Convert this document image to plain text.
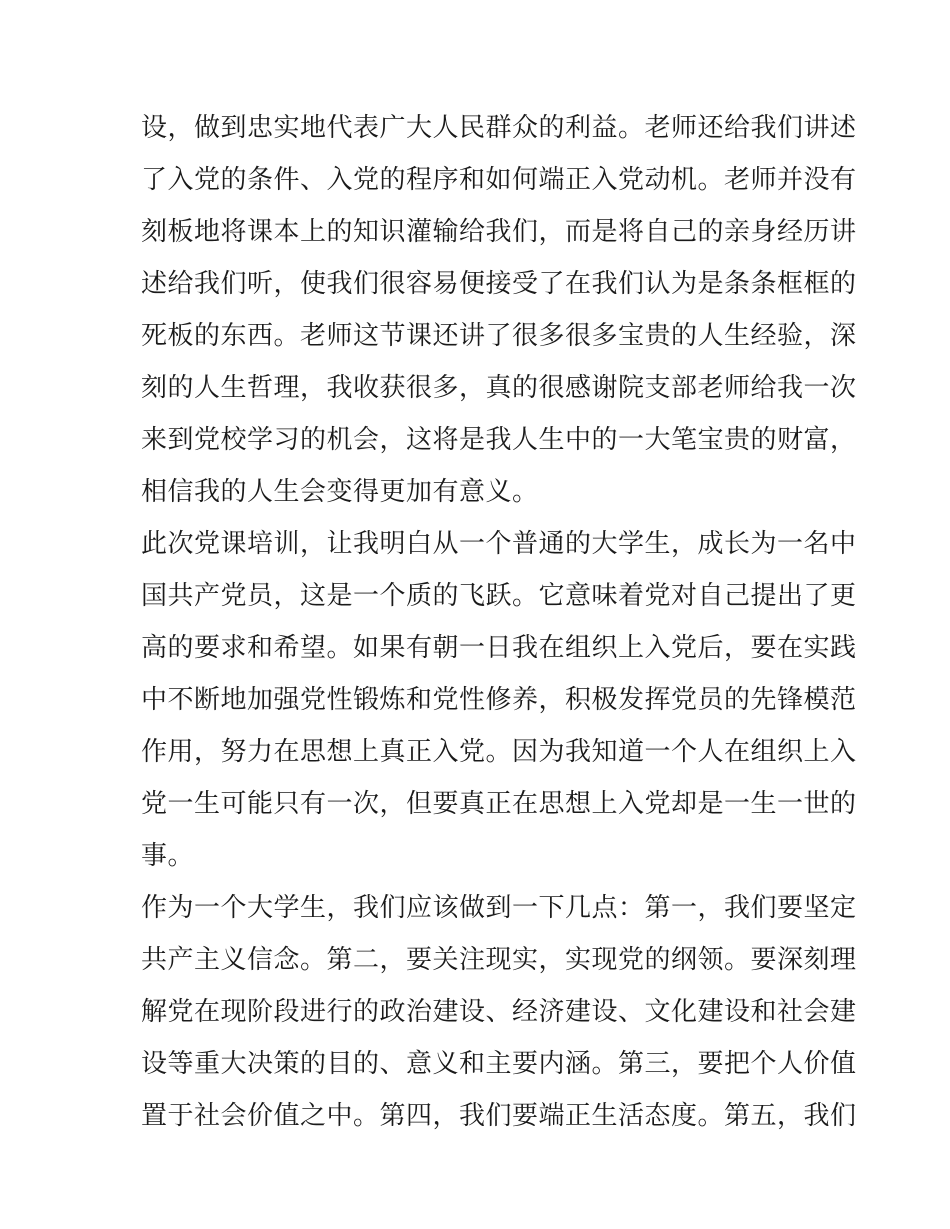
设，做到忠实地代表广大人民群众的利益。老师还给我们讲述
了入党的条件、入党的程序和如何端正入党动机。老师并没有
刻板地将课本上的知识灌输给我们，而是将自己的亲身经历讲
述给我们听，使我们很容易便接受了在我们认为是条条框框的
死板的东西。老师这节课还讲了很多很多宝贵的人生经验，深
刻的人生哲理，我收获很多，真的很感谢院支部老师给我一次
来到党校学习的机会，这将是我人生中的一大笔宝贵的财富，
相信我的人生会变得更加有意义。
此次党课培训，让我明白从一个普通的大学生，成长为一名中
国共产党员，这是一个质的飞跃。它意味着党对自己提出了更
高的要求和希望。如果有朝一日我在组织上入党后，要在实践
中不断地加强党性锻炼和党性修养，积极发挥党员的先锋模范
作用，努力在思想上真正入党。因为我知道一个人在组织上入
党一生可能只有一次，但要真正在思想上入党却是一生一世的
事。
作为一个大学生，我们应该做到一下几点：第一，我们要坚定
共产主义信念。第二，要关注现实，实现党的纲领。要深刻理
解党在现阶段进行的政治建设、经济建设、文化建设和社会建
设等重大决策的目的、意义和主要内涵。第三，要把个人价值
置于社会价值之中。第四，我们要端正生活态度。第五，我们
